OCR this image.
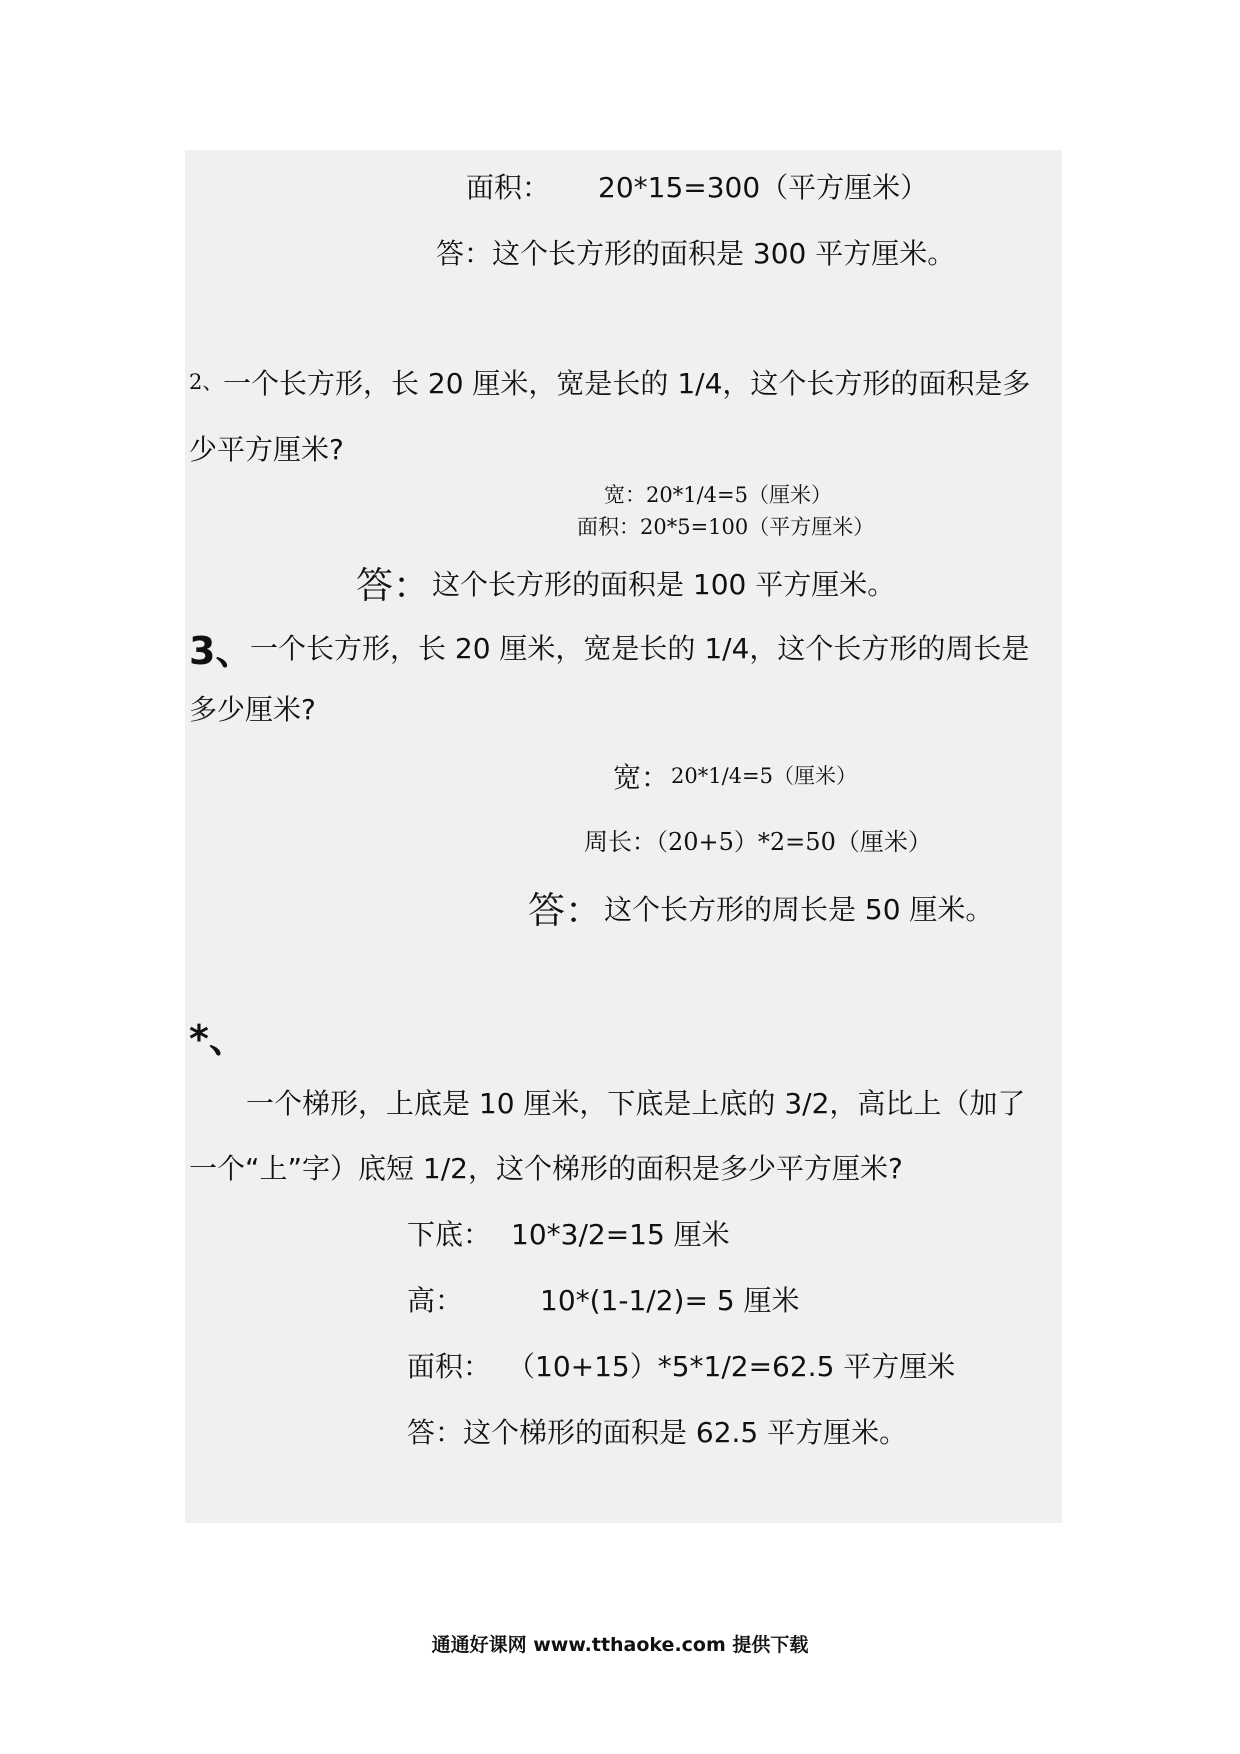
面积： 20*15=300（平方厘米）
答：这个长方形的面积是 300 平方厘米。
2、 一个长方形，长 20 厘米，宽是长的 1/4，这个长方形的面积是多
少平方厘米?
宽：20*1/4=5（厘米）
面积：20*5=100（平方厘米）
答： 这个长方形的面积是 100 平方厘米。
3、
一个长方形，长 20 厘米，宽是长的 1/4，这个长方形的周长是
多少厘米?
宽： 20*1/4=5（厘米）
周长：（20+5）*2=50（厘米）
答： 这个长方形的周长是 50 厘米。
*、
一个梯形，上底是 10 厘米，下底是上底的 3/2，高比上（加了
一个“上”字）底短 1/2，这个梯形的面积是多少平方厘米?
下底： 10*3/2=15 厘米
高：	10*(1-1/2)= 5 厘米
面积： （10+15）*5*1/2=62.5 平方厘米
答：这个梯形的面积是 62.5 平方厘米。
通通好课网 www.tthaoke.com 提供下载
